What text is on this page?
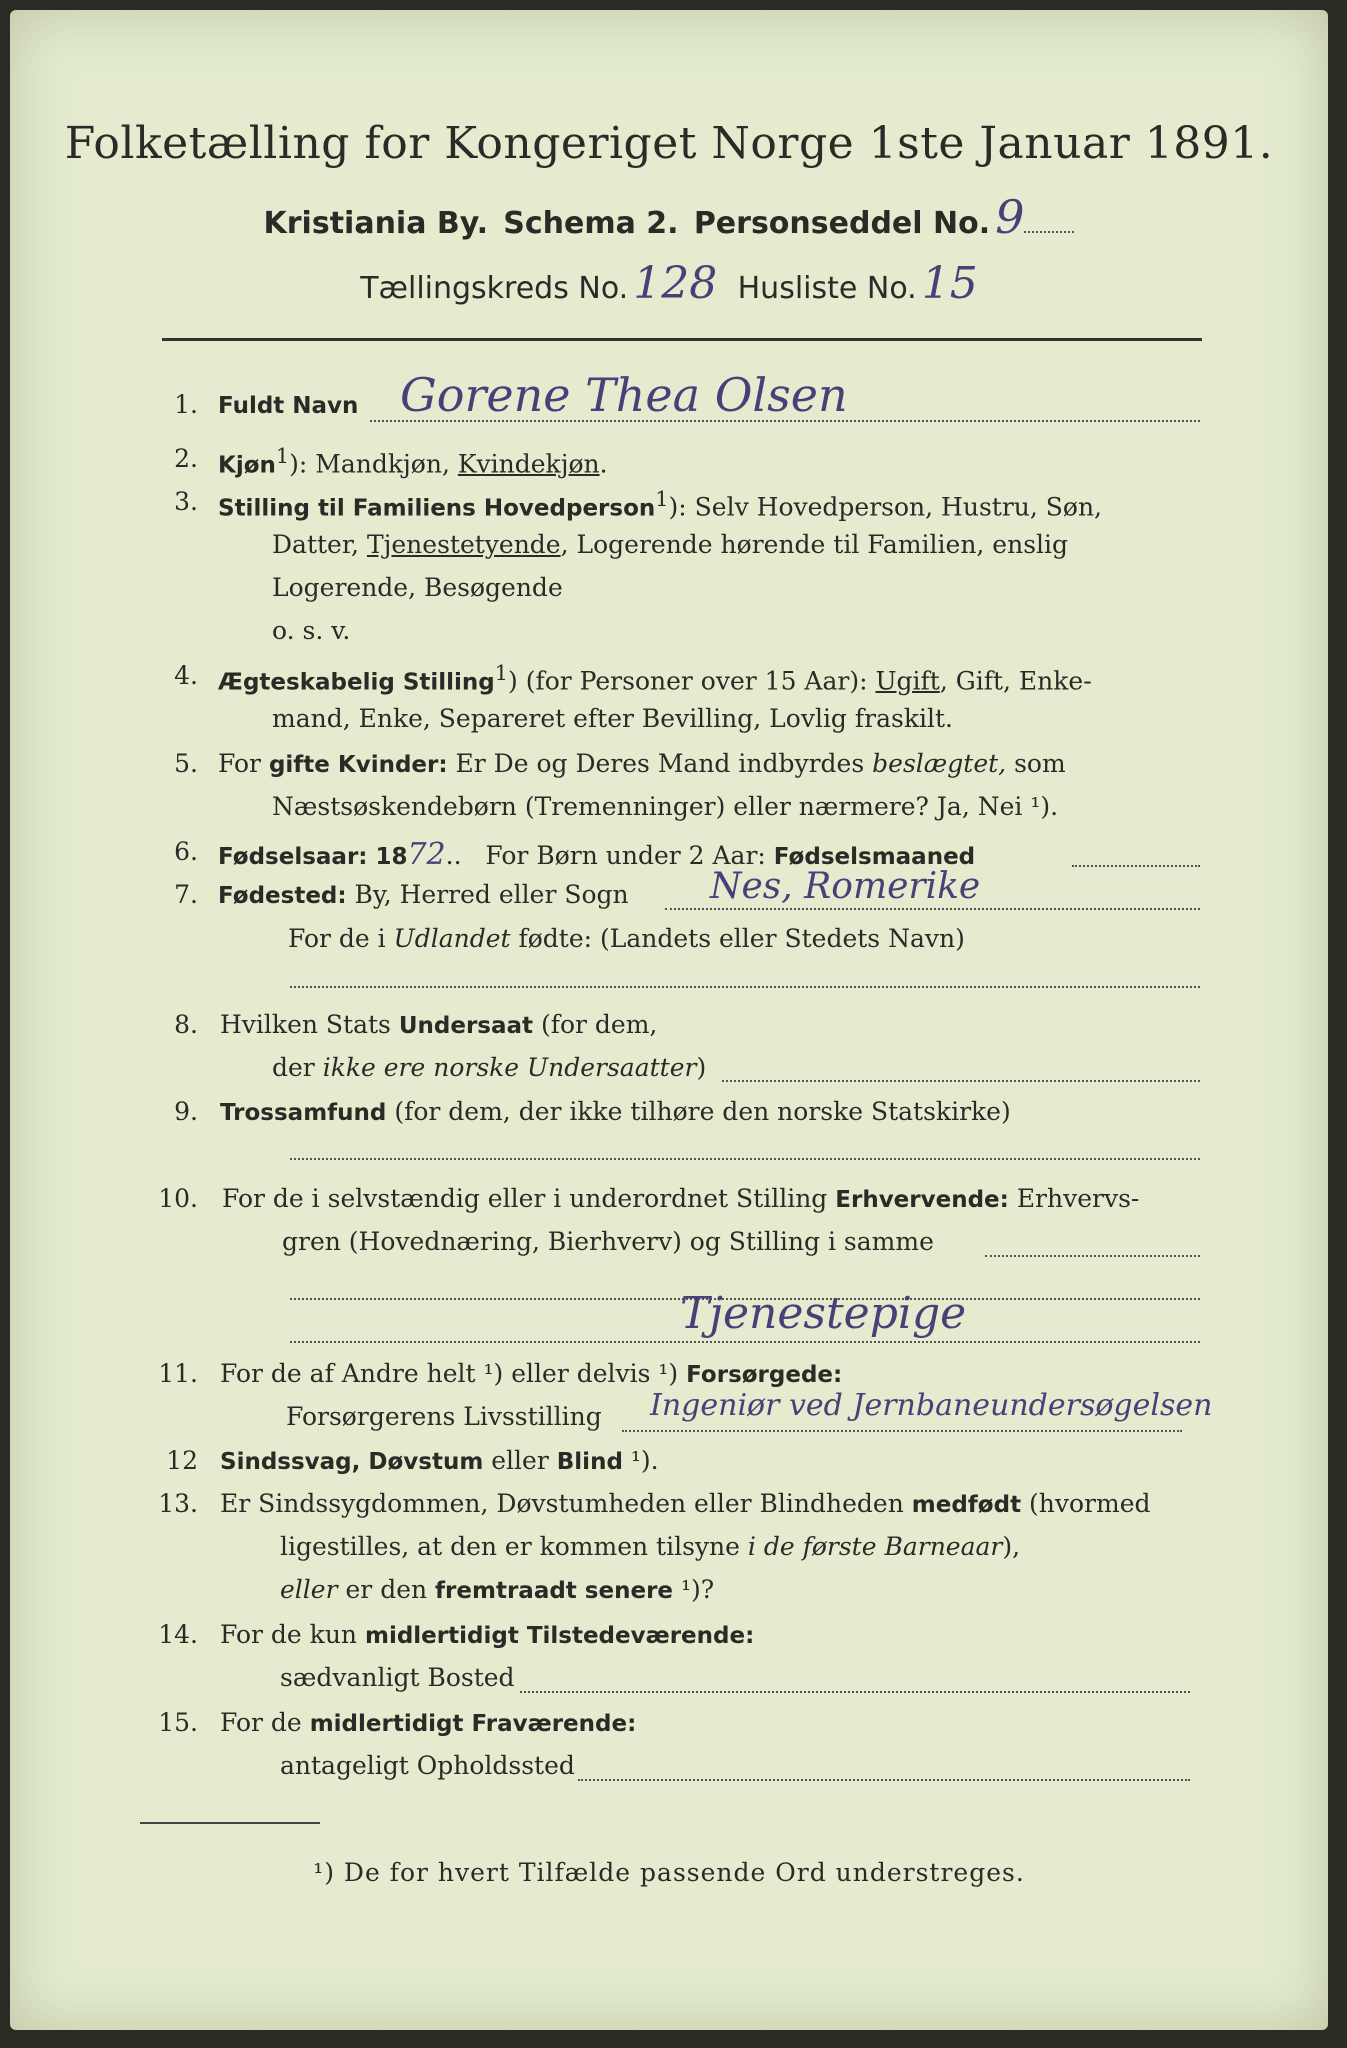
Folketælling for Kongeriget Norge 1ste Januar 1891.
Kristiania By. Schema 2. Personseddel No. 9
Tællingskreds No. 128 Husliste No. 15
1. Fuldt Navn Gorene Thea Olsen
2. Kjøn$^1$): Mandkjøn, Kvindekjøn.
3. Stilling til Familiens Hovedperson$^1$): Selv Hovedperson, Hustru, Søn,
Datter, Tjenestetyende, Logerende hørende til Familien, enslig
Logerende, Besøgende
o. s. v.
4. Ægteskabelig Stilling$^1$) (for Personer over 15 Aar): Ugift, Gift, Enke-
mand, Enke, Separeret efter Bevilling, Lovlig fraskilt.
5. For gifte Kvinder: Er De og Deres Mand indbyrdes beslægtet, som
Næstsøskendebørn (Tremenninger) eller nærmere? Ja, Nei ¹).
6. Fødselsaar: 1872..   For Børn under 2 Aar: Fødselsmaaned
7. Fødested: By, Herred eller Sogn Nes, Romerike
For de i Udlandet fødte: (Landets eller Stedets Navn)
8. Hvilken Stats Undersaat (for dem,
der ikke ere norske Undersaatter)
9. Trossamfund (for dem, der ikke tilhøre den norske Statskirke)
10. For de i selvstændig eller i underordnet Stilling Erhvervende: Erhvervs-
gren (Hovednæring, Bierhverv) og Stilling i samme
Tjenestepige
11. For de af Andre helt ¹) eller delvis ¹) Forsørgede:
Forsørgerens Livsstilling Ingeniør ved Jernbaneundersøgelsen
12 Sindssvag, Døvstum eller Blind ¹).
13. Er Sindssygdommen, Døvstumheden eller Blindheden medfødt (hvormed
ligestilles, at den er kommen tilsyne i de første Barneaar),
eller er den fremtraadt senere ¹)?
14. For de kun midlertidigt Tilstedeværende:
sædvanligt Bosted
15. For de midlertidigt Fraværende:
antageligt Opholdssted
¹) De for hvert Tilfælde passende Ord understreges.
